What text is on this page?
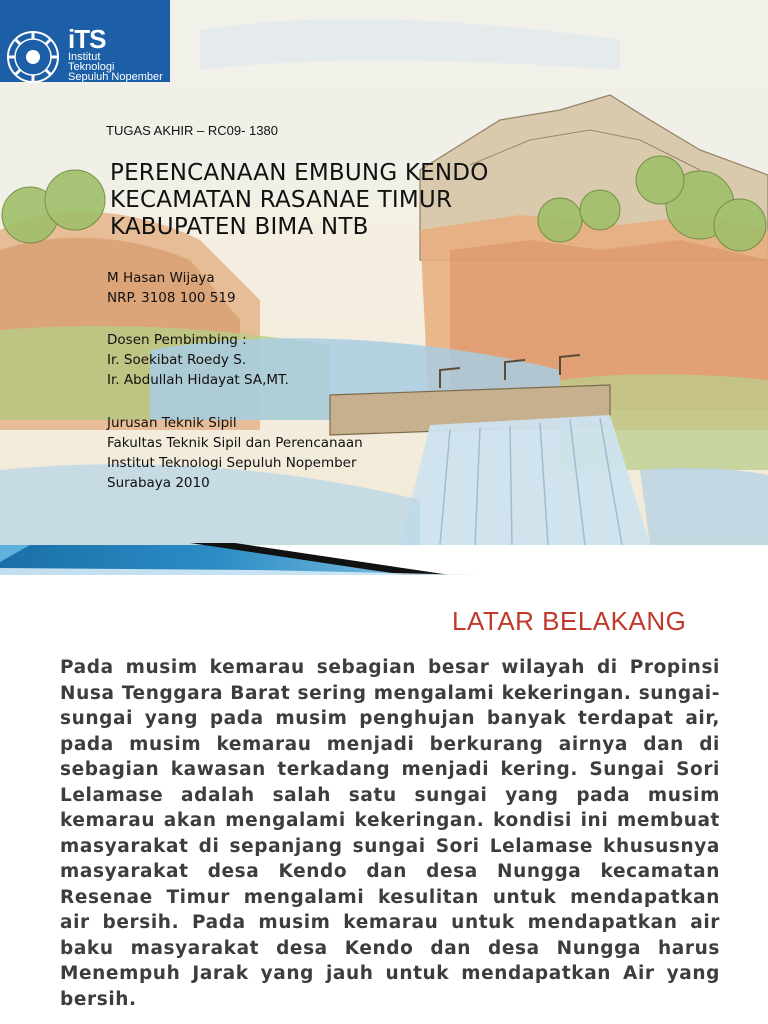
iTS
Institut
Teknologi
Sepuluh Nopember
TUGAS AKHIR – RC09- 1380
PERENCANAAN EMBUNG KENDO
KECAMATAN RASANAE TIMUR
KABUPATEN BIMA NTB
M Hasan Wijaya
NRP. 3108 100 519
Dosen Pembimbing :
Ir. Soekibat Roedy S.
Ir. Abdullah Hidayat SA,MT.
Jurusan Teknik Sipil
Fakultas Teknik Sipil dan Perencanaan
Institut Teknologi Sepuluh Nopember
Surabaya 2010
LATAR BELAKANG

Pada musim kemarau sebagian besar wilayah di Propinsi Nusa Tenggara Barat sering mengalami kekeringan. sungai-sungai yang pada musim penghujan banyak terdapat air, pada musim kemarau menjadi berkurang airnya dan di sebagian kawasan terkadang menjadi kering. Sungai Sori Lelamase adalah salah satu sungai yang pada musim kemarau akan mengalami kekeringan. kondisi ini membuat masyarakat di sepanjang sungai Sori Lelamase khususnya masyarakat desa Kendo dan desa Nungga kecamatan Resenae Timur mengalami kesulitan untuk mendapatkan air bersih. Pada musim kemarau untuk mendapatkan air baku masyarakat desa Kendo dan desa Nungga harus Menempuh Jarak yang jauh untuk mendapatkan Air yang bersih.
